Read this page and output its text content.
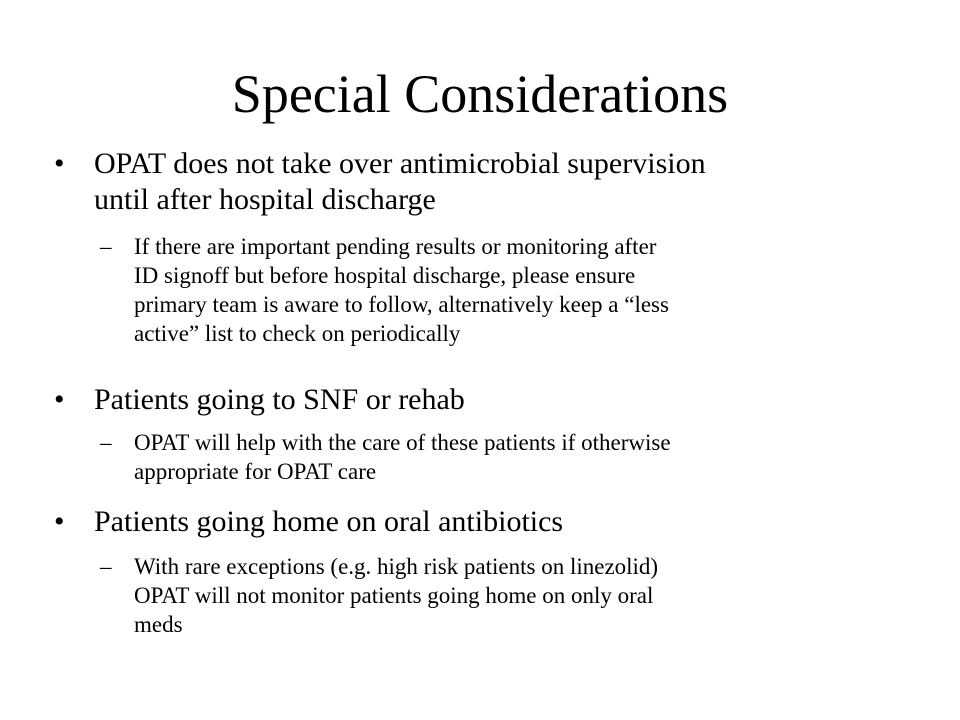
Special Considerations
• OPAT does not take over antimicrobial supervision
until after hospital discharge
– If there are important pending results or monitoring after
ID signoff but before hospital discharge, please ensure
primary team is aware to follow, alternatively keep a “less
active” list to check on periodically
• Patients going to SNF or rehab
– OPAT will help with the care of these patients if otherwise
appropriate for OPAT care
• Patients going home on oral antibiotics
– With rare exceptions (e.g. high risk patients on linezolid)
OPAT will not monitor patients going home on only oral
meds
